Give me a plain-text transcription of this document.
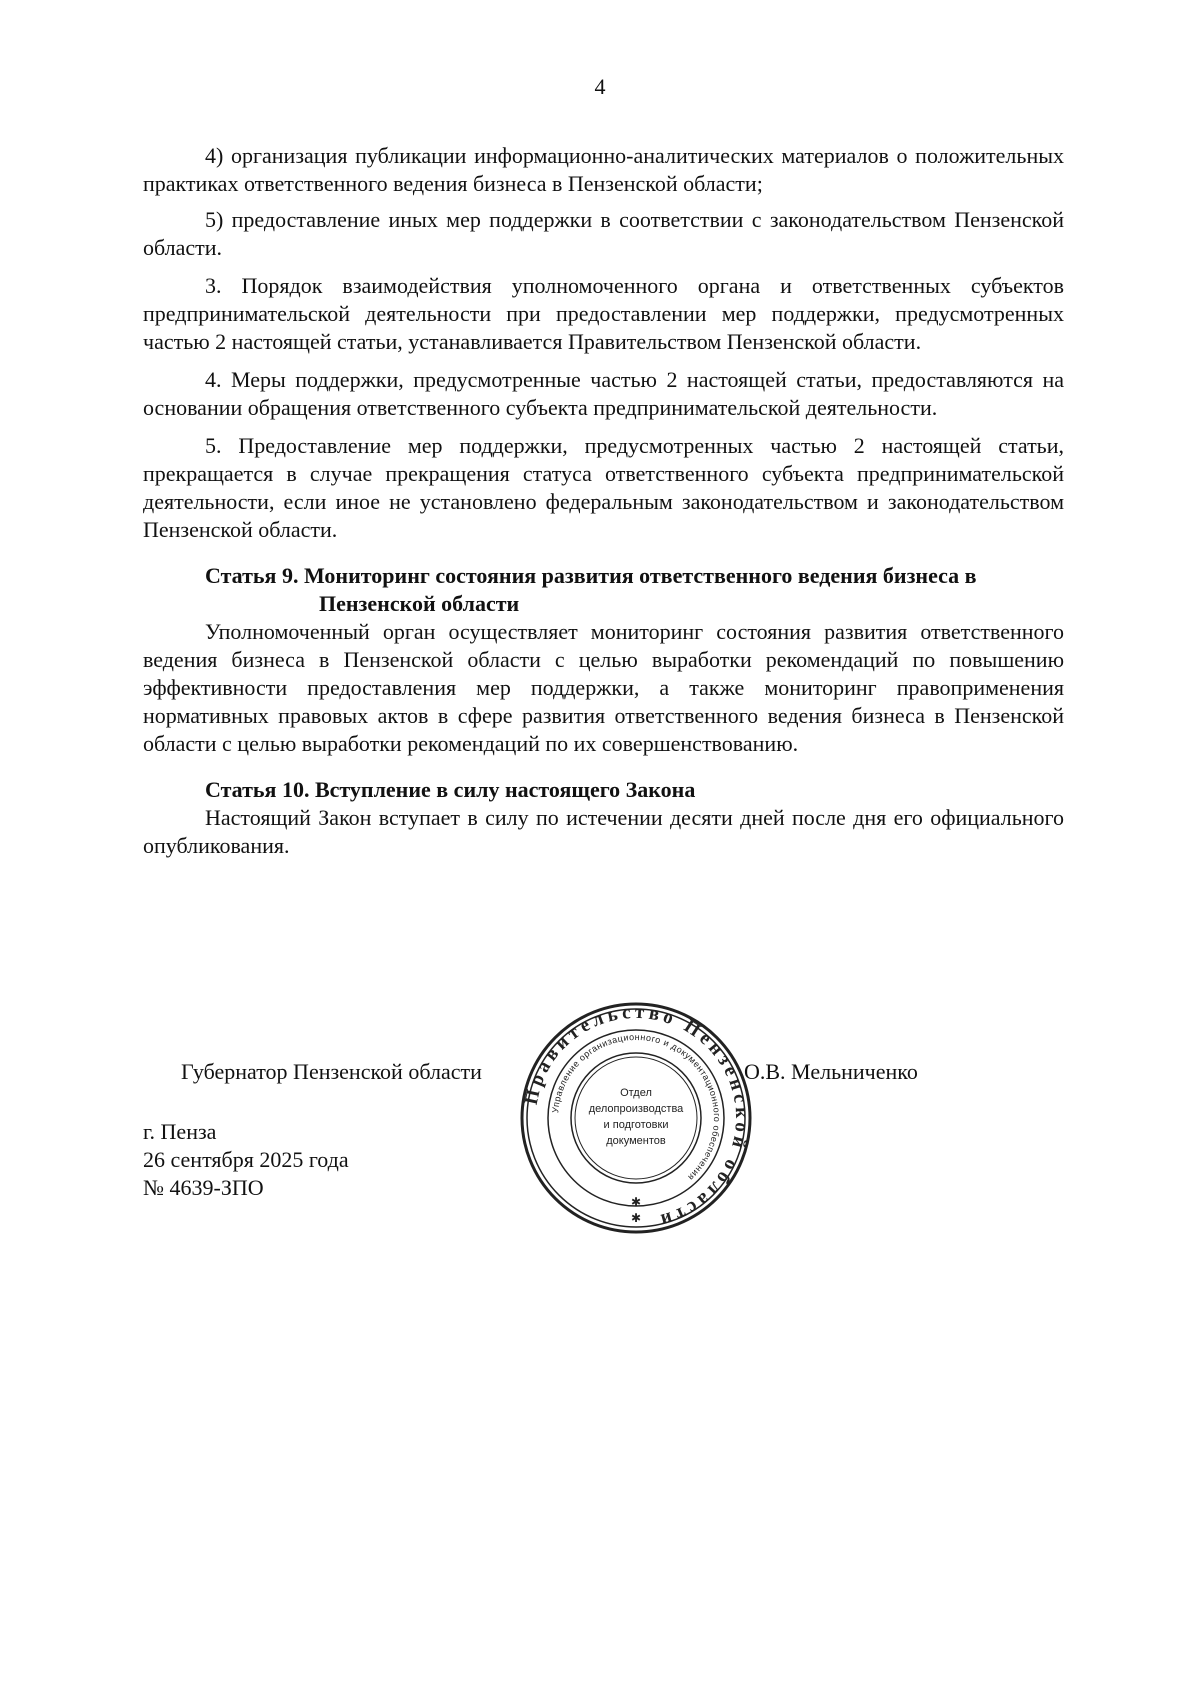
4

4) организация публикации информационно-аналитических материалов о положительных практиках ответственного ведения бизнеса в Пензенской области;

5) предоставление иных мер поддержки в соответствии с законодательством Пензенской области.

3. Порядок взаимодействия уполномоченного органа и ответственных субъектов предпринимательской деятельности при предоставлении мер поддержки, предусмотренных частью 2 настоящей статьи, устанавливается Правительством Пензенской области.

4. Меры поддержки, предусмотренные частью 2 настоящей статьи, предоставляются на основании обращения ответственного субъекта предпринимательской деятельности.

5. Предоставление мер поддержки, предусмотренных частью 2 настоящей статьи, прекращается в случае прекращения статуса ответственного субъекта предпринимательской деятельности, если иное не установлено федеральным законодательством и законодательством Пензенской области.

Статья 9. Мониторинг состояния развития ответственного ведения бизнеса в
Пензенской области

Уполномоченный орган осуществляет мониторинг состояния развития ответственного ведения бизнеса в Пензенской области с целью выработки рекомендаций по повышению эффективности предоставления мер поддержки, а также мониторинг правоприменения нормативных правовых актов в сфере развития ответственного ведения бизнеса в Пензенской области с целью выработки рекомендаций по их совершенствованию.

Статья 10. Вступление в силу настоящего Закона

Настоящий Закон вступает в силу по истечении десяти дней после дня его официального опубликования.

Губернатор Пензенской области	О.В. Мельниченко
г. Пенза
26 сентября 2025 года
№ 4639-ЗПО
Правительство Пензенской области
Управление организационного и документационного обеспечения
Отдел
делопроизводства
и подготовки
документов
✱
✱
